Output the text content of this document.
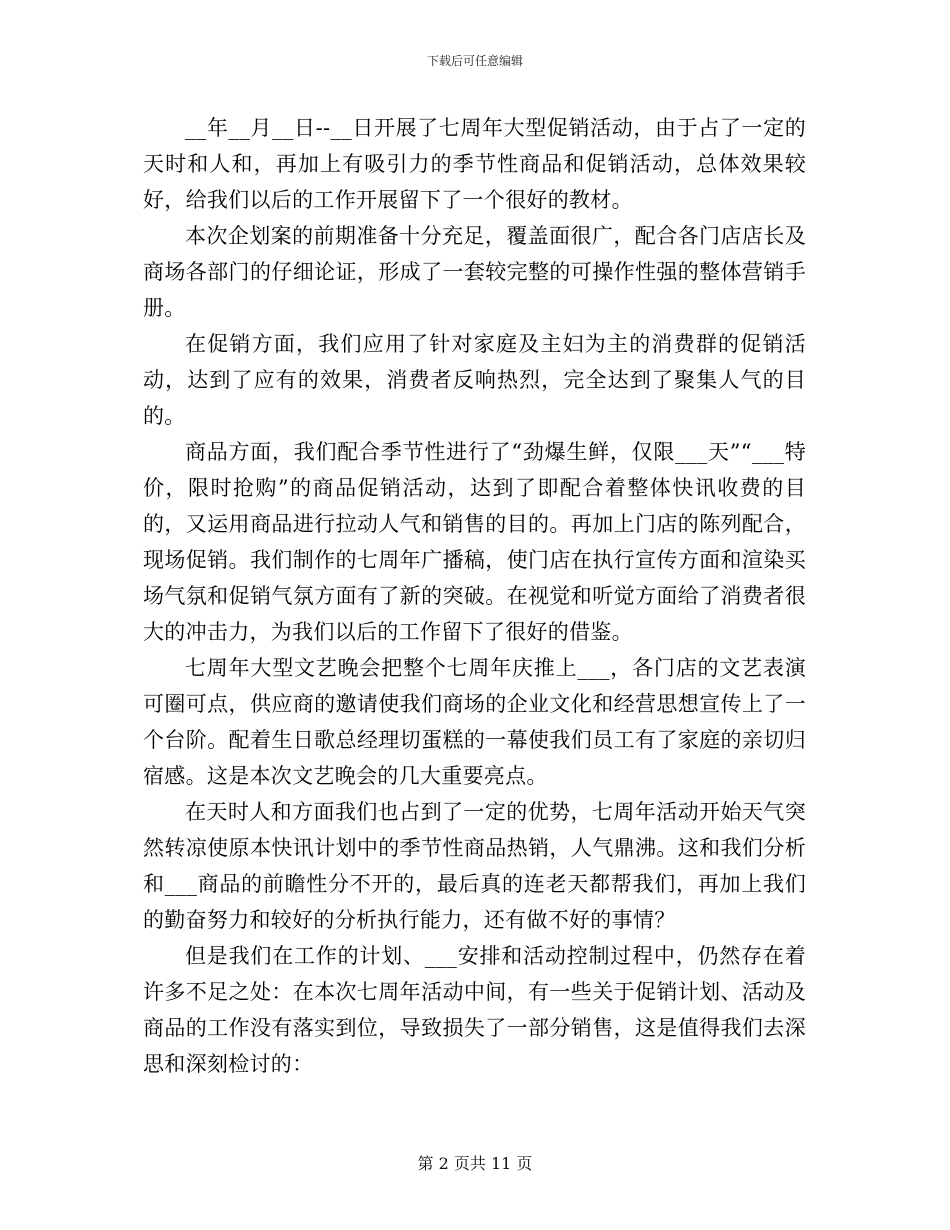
下载后可任意编辑

__年__月__日--__日开展了七周年大型促销活动，由于占了一定的天时和人和，再加上有吸引力的季节性商品和促销活动，总体效果较好，给我们以后的工作开展留下了一个很好的教材。

本次企划案的前期准备十分充足，覆盖面很广，配合各门店店长及商场各部门的仔细论证，形成了一套较完整的可操作性强的整体营销手册。

在促销方面，我们应用了针对家庭及主妇为主的消费群的促销活动，达到了应有的效果，消费者反响热烈，完全达到了聚集人气的目的。

商品方面，我们配合季节性进行了“劲爆生鲜，仅限___天”“___特价，限时抢购”的商品促销活动，达到了即配合着整体快讯收费的目的，又运用商品进行拉动人气和销售的目的。再加上门店的陈列配合，现场促销。我们制作的七周年广播稿，使门店在执行宣传方面和渲染买场气氛和促销气氛方面有了新的突破。在视觉和听觉方面给了消费者很大的冲击力，为我们以后的工作留下了很好的借鉴。

七周年大型文艺晚会把整个七周年庆推上___，各门店的文艺表演可圈可点，供应商的邀请使我们商场的企业文化和经营思想宣传上了一个台阶。配着生日歌总经理切蛋糕的一幕使我们员工有了家庭的亲切归宿感。这是本次文艺晚会的几大重要亮点。

在天时人和方面我们也占到了一定的优势，七周年活动开始天气突然转凉使原本快讯计划中的季节性商品热销，人气鼎沸。这和我们分析和___商品的前瞻性分不开的，最后真的连老天都帮我们，再加上我们的勤奋努力和较好的分析执行能力，还有做不好的事情？

但是我们在工作的计划、___安排和活动控制过程中，仍然存在着许多不足之处：在本次七周年活动中间，有一些关于促销计划、活动及商品的工作没有落实到位，导致损失了一部分销售，这是值得我们去深思和深刻检讨的：

第 2 页共 11 页
